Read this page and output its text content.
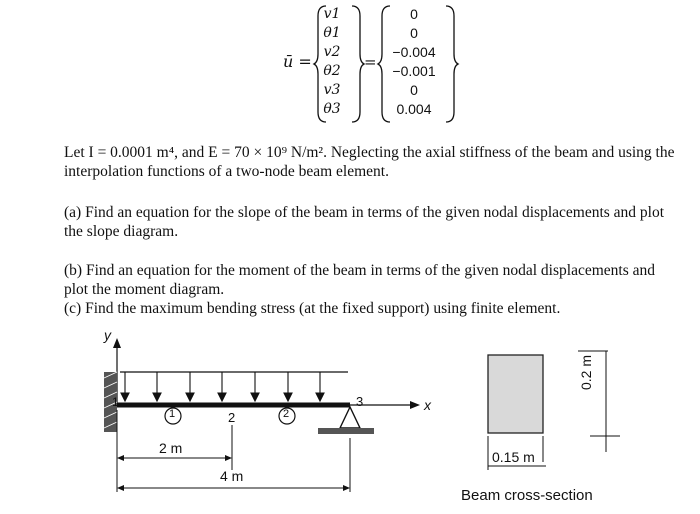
ū =
v1
θ1
v2
θ2
v3
θ3
=
0
0
−0.004
−0.001
0
0.004
Let I = 0.0001 m⁴, and E = 70 × 10⁹ N/m². Neglecting the axial stiffness of the beam and using the interpolation functions of a two-node beam element.
(a) Find an equation for the slope of the beam in terms of the given nodal displacements and plot the slope diagram.
(b) Find an equation for the moment of the beam in terms of the given nodal displacements and plot the moment diagram.
(c) Find the maximum bending stress (at the fixed support) using finite element.
y
x
1
2
3
1	2
2 m
4 m
0.2 m
0.15 m
Beam cross-section
